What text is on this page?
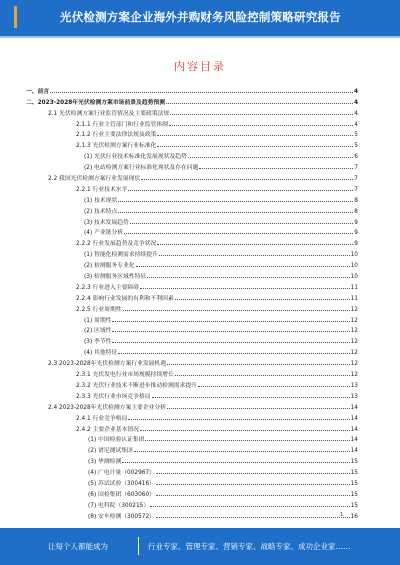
光伏检测方案企业海外并购财务风险控制策略研究报告
内容目录
一、前言	4
二、2023-2028年光伏检测方案市场前景及趋势预测	4
2.1 光伏检测方案行业监管情况及主要政策法规	4
2.1.1 行业主管部门和行业监管体制	4
2.1.2 行业主要法律法规及政策	5
2.1.3 光伏检测方案行业标准化	5
(1) 光伏行业技术标准化发展现状及趋势	6
(2) 电站检测方案行业标准化现状及存在问题	7
2.2 我国光伏检测方案行业发展现状	7
2.2.1 行业技术水平	7
(1) 技术现状	8
(2) 技术特点	8
(3) 技术发展趋势	9
(4) 产业链分析	9
2.2.2 行业发展趋势及竞争状况	9
(1) 智能化检测需求持续提升	10
(2) 检测服务专业化	10
(3) 检测服务区域性特征	10
2.2.3 行业进入主要障碍	11
2.2.4 影响行业发展的有利和不利因素	11
2.2.5 行业周期性	12
(1) 周期性	12
(2) 区域性	12
(3) 季节性	12
(4) 其他特征	12
2.3 2023-2028年光伏检测方案行业发展机遇	12
2.3.1 光伏发电行业市场规模持续增长	12
2.3.2 光伏行业技术不断进步推动检测需求提升	13
2.3.3 光伏行业市场竞争格局	13
2.4 2023-2028年光伏检测方案主要企业分析	14
2.4.1 行业竞争格局	14
2.4.2 主要企业基本情况	14
(1) 中国检验认证集团	14
(2) 谱尼测试集团	14
(3) 华测检测	15
(4) 广电计量（002967）	15
(5) 苏试试验（300416）	15
(6) 国检集团（603060）	15
(7) 电科院（300215）	15
(8) 安车检测（300572）	16
1
让每个人都能成为	行业专家、管理专家、营销专家、战略专家、成功企业家……
